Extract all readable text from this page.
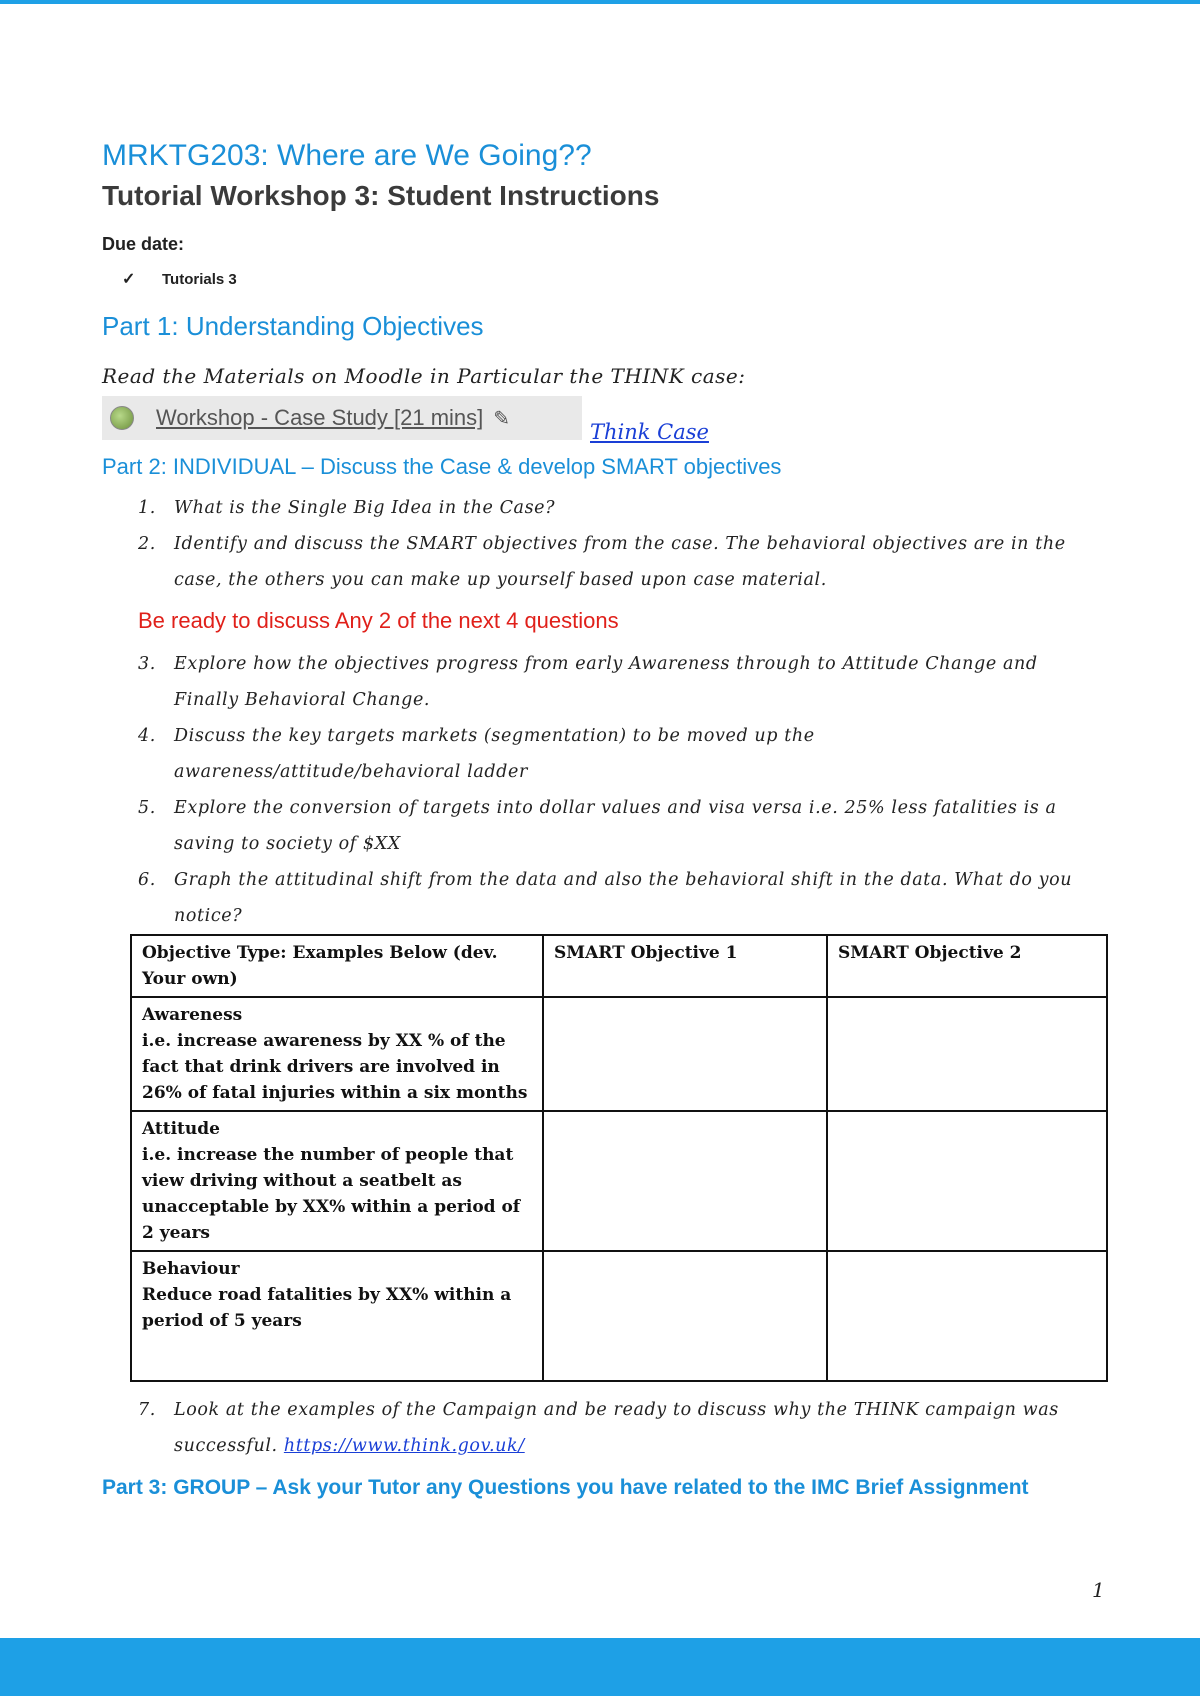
MRKTG203: Where are We Going??
Tutorial Workshop 3: Student Instructions
Due date:
✓	Tutorials 3
Part 1: Understanding Objectives
Read the Materials on Moodle in Particular the THINK case:
Workshop - Case Study [21 mins] ✎
Think Case
Part 2: INDIVIDUAL – Discuss the Case & develop SMART objectives
1.	What is the Single Big Idea in the Case?
2.	Identify and discuss the SMART objectives from the case. The behavioral objectives are in the case, the others you can make up yourself based upon case material.
Be ready to discuss Any 2 of the next 4 questions
3.	Explore how the objectives progress from early Awareness through to Attitude Change and Finally Behavioral Change.
4.	Discuss the key targets markets (segmentation) to be moved up the awareness/attitude/behavioral ladder
5.	Explore the conversion of targets into dollar values and visa versa i.e. 25% less fatalities is a saving to society of $XX
6.	Graph the attitudinal shift from the data and also the behavioral shift in the data. What do you notice?
Objective Type: Examples Below (dev. Your own)	SMART Objective 1	SMART Objective 2

Awareness
i.e. increase awareness by XX % of the fact that drink drivers are involved in 26% of fatal injuries within a six months		

Attitude
i.e. increase the number of people that view driving without a seatbelt as unacceptable by XX% within a period of 2 years		

Behaviour
Reduce road fatalities by XX% within a period of 5 years		

7.	Look at the examples of the Campaign and be ready to discuss why the THINK campaign was successful. https://www.think.gov.uk/
Part 3: GROUP – Ask your Tutor any Questions you have related to the IMC Brief Assignment
1
